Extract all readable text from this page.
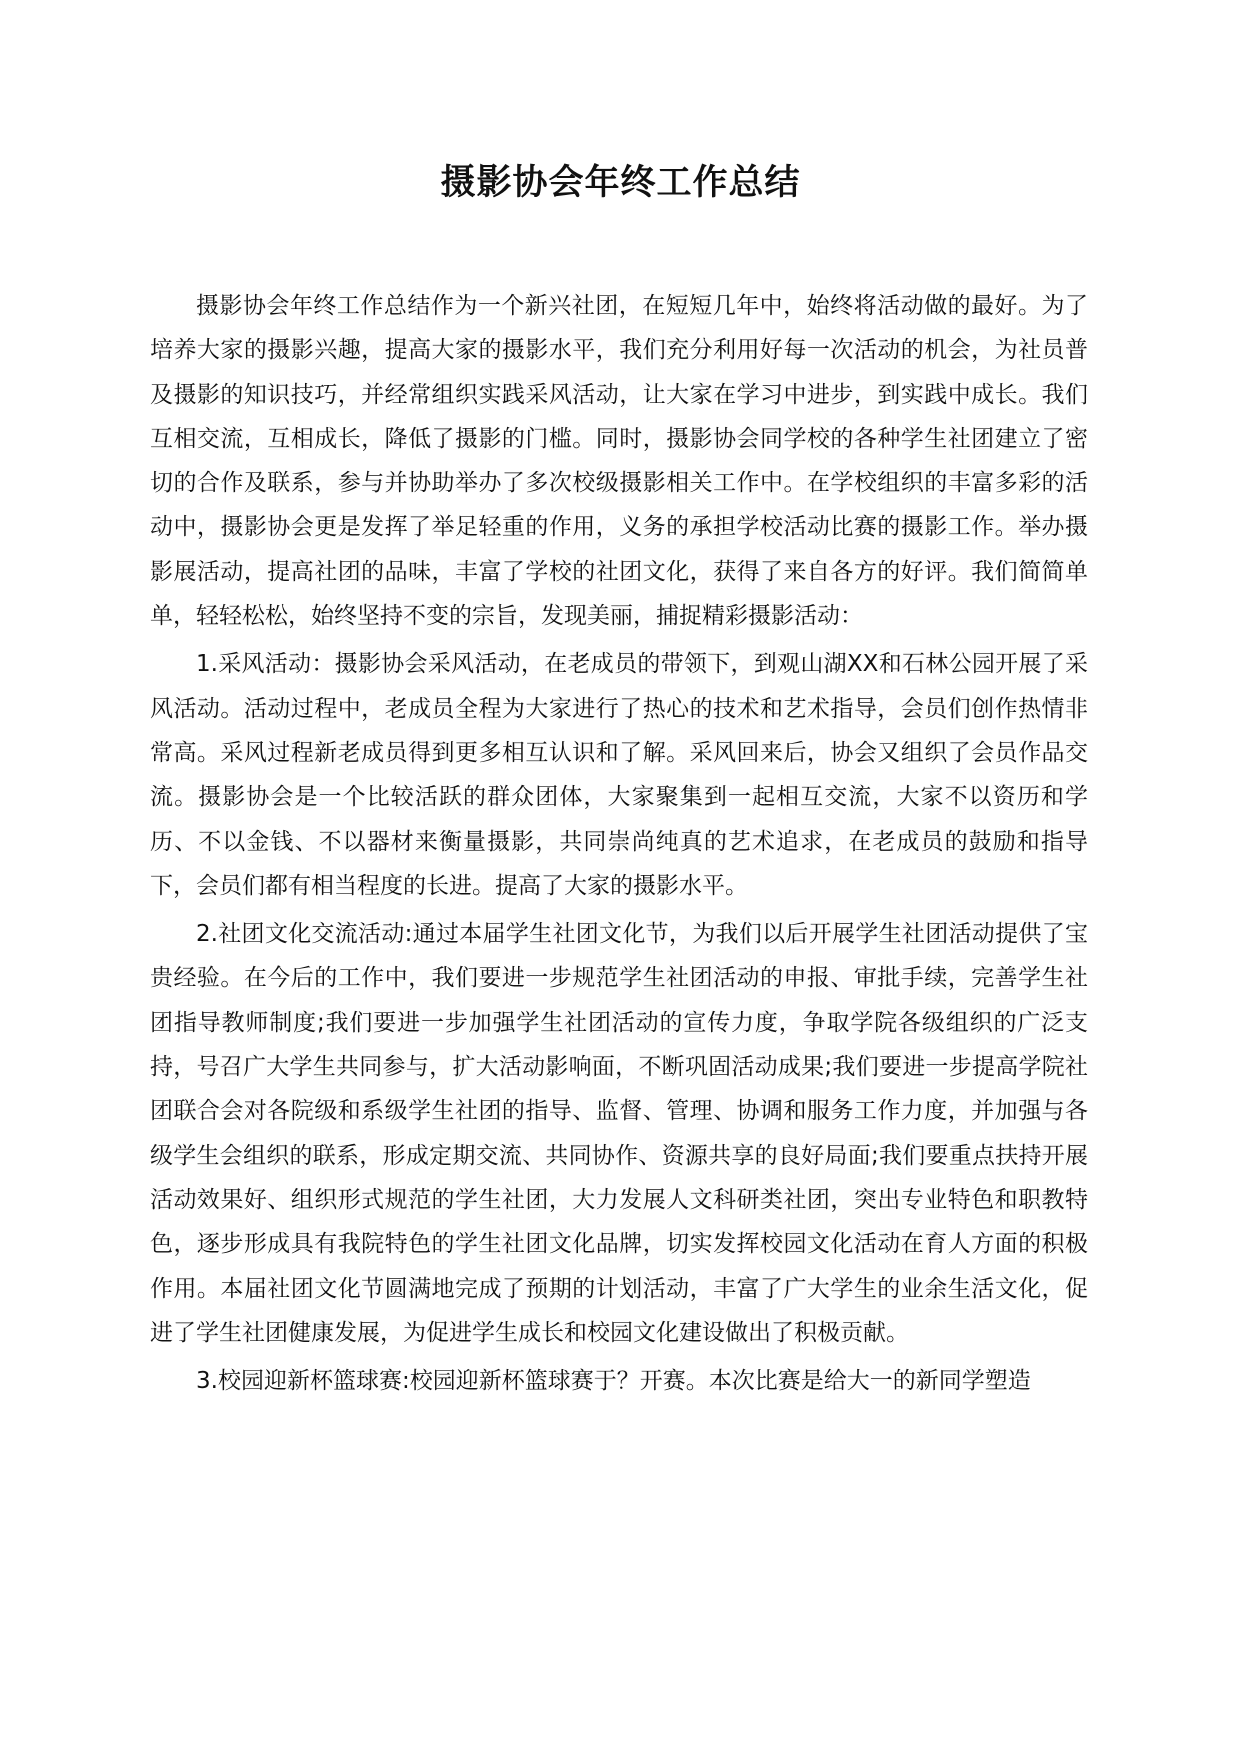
摄影协会年终工作总结

摄影协会年终工作总结作为一个新兴社团，在短短几年中，始终将活动做的最好。为了培养大家的摄影兴趣，提高大家的摄影水平，我们充分利用好每一次活动的机会，为社员普及摄影的知识技巧，并经常组织实践采风活动，让大家在学习中进步，到实践中成长。我们互相交流，互相成长，降低了摄影的门槛。同时，摄影协会同学校的各种学生社团建立了密切的合作及联系，参与并协助举办了多次校级摄影相关工作中。在学校组织的丰富多彩的活动中，摄影协会更是发挥了举足轻重的作用，义务的承担学校活动比赛的摄影工作。举办摄影展活动，提高社团的品味，丰富了学校的社团文化，获得了来自各方的好评。我们简简单单，轻轻松松，始终坚持不变的宗旨，发现美丽，捕捉精彩摄影活动：

1.采风活动：摄影协会采风活动，在老成员的带领下，到观山湖XX和石林公园开展了采风活动。活动过程中，老成员全程为大家进行了热心的技术和艺术指导，会员们创作热情非常高。采风过程新老成员得到更多相互认识和了解。采风回来后，协会又组织了会员作品交流。摄影协会是一个比较活跃的群众团体，大家聚集到一起相互交流，大家不以资历和学历、不以金钱、不以器材来衡量摄影，共同崇尚纯真的艺术追求，在老成员的鼓励和指导下，会员们都有相当程度的长进。提高了大家的摄影水平。

2.社团文化交流活动:通过本届学生社团文化节，为我们以后开展学生社团活动提供了宝贵经验。在今后的工作中，我们要进一步规范学生社团活动的申报、审批手续，完善学生社团指导教师制度;我们要进一步加强学生社团活动的宣传力度，争取学院各级组织的广泛支持，号召广大学生共同参与，扩大活动影响面，不断巩固活动成果;我们要进一步提高学院社团联合会对各院级和系级学生社团的指导、监督、管理、协调和服务工作力度，并加强与各级学生会组织的联系，形成定期交流、共同协作、资源共享的良好局面;我们要重点扶持开展活动效果好、组织形式规范的学生社团，大力发展人文科研类社团，突出专业特色和职教特色，逐步形成具有我院特色的学生社团文化品牌，切实发挥校园文化活动在育人方面的积极作用。本届社团文化节圆满地完成了预期的计划活动，丰富了广大学生的业余生活文化，促进了学生社团健康发展，为促进学生成长和校园文化建设做出了积极贡献。

3.校园迎新杯篮球赛:校园迎新杯篮球赛于？开赛。本次比赛是给大一的新同学塑造
